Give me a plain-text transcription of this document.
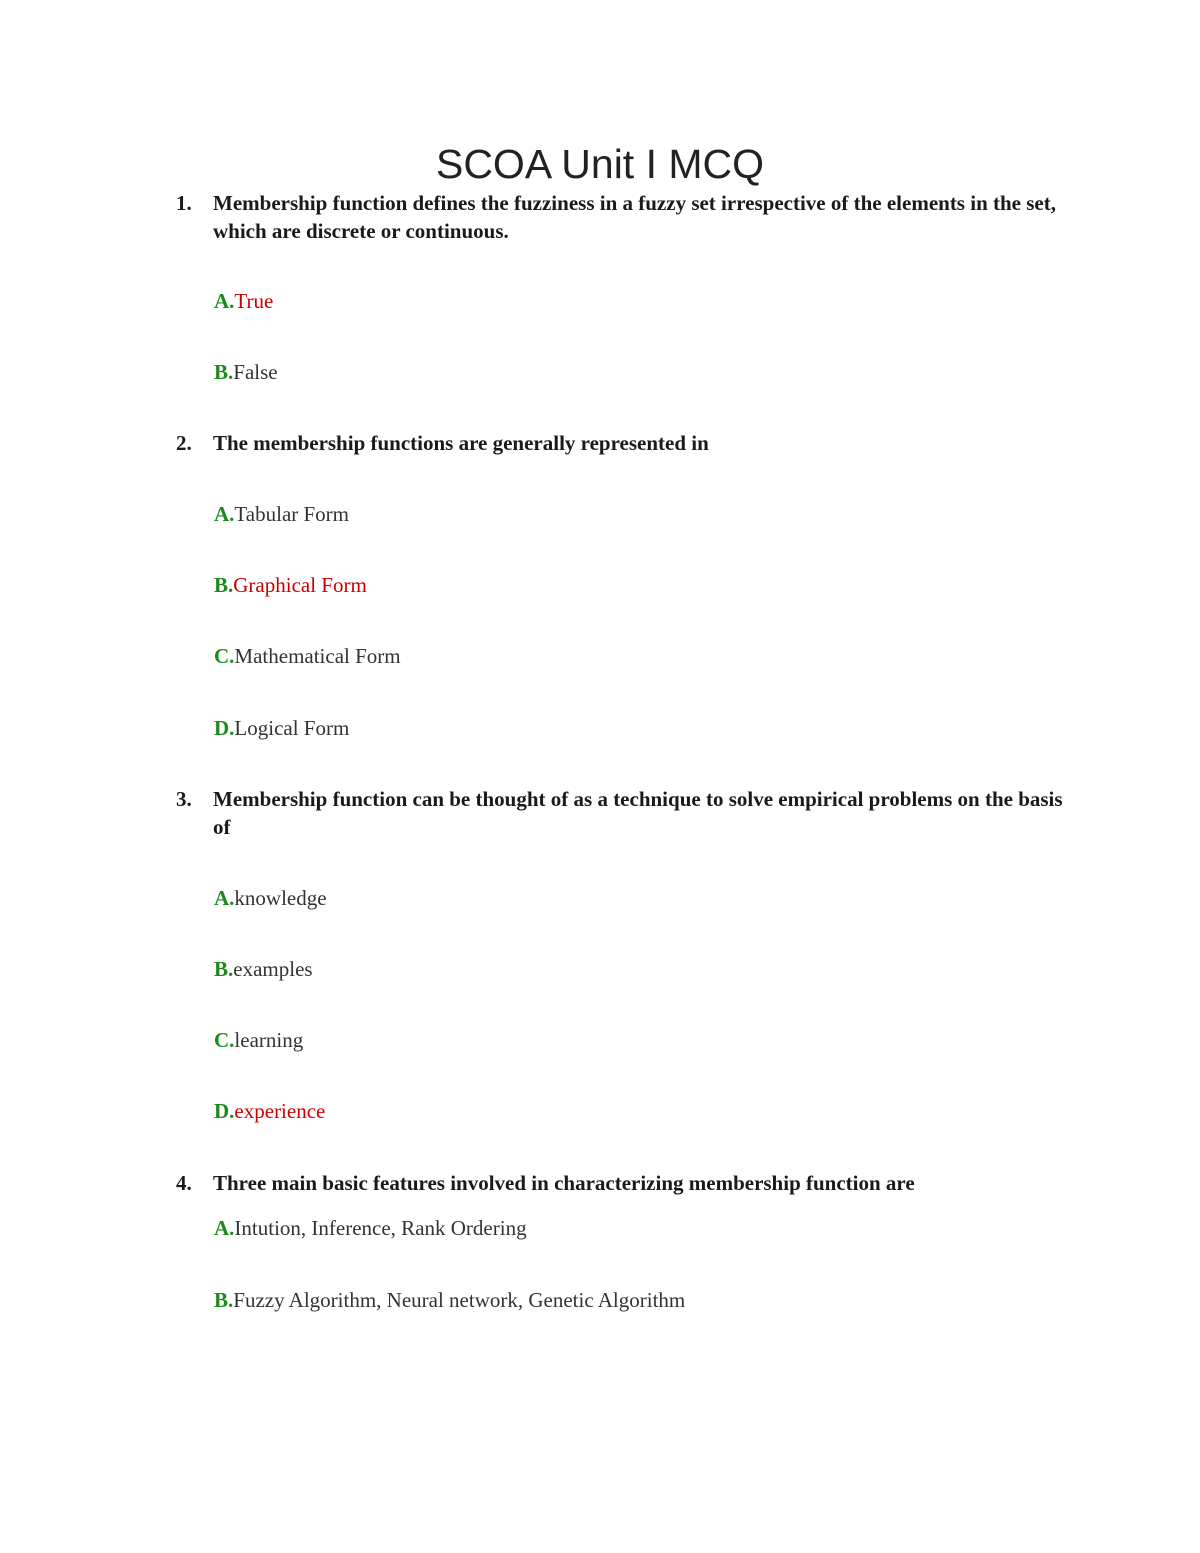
SCOA Unit I MCQ
1. Membership function defines the fuzziness in a fuzzy set irrespective of the elements in the set, which are discrete or continuous.

A.True
B.False
2. The membership functions are generally represented in

A.Tabular Form
B.Graphical Form
C.Mathematical Form
D.Logical Form
3. Membership function can be thought of as a technique to solve empirical problems on the basis of

A.knowledge
B.examples
C.learning
D.experience
4. Three main basic features involved in characterizing membership function are

A.Intution, Inference, Rank Ordering
B.Fuzzy Algorithm, Neural network, Genetic Algorithm
